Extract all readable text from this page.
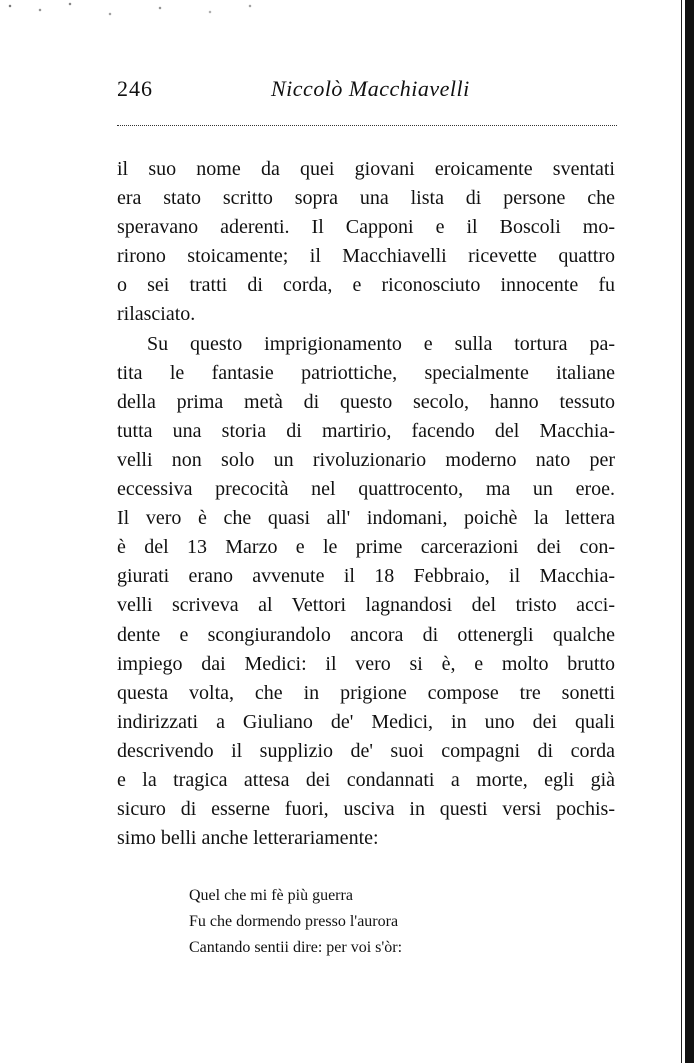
246	Niccolò Macchiavelli
il suo nome da quei giovani eroicamente sventati
era stato scritto sopra una lista di persone che
speravano aderenti. Il Capponi e il Boscoli mo-
rirono stoicamente; il Macchiavelli ricevette quattro
o sei tratti di corda, e riconosciuto innocente fu
rilasciato.
Su questo imprigionamento e sulla tortura pa-
tita le fantasie patriottiche, specialmente italiane
della prima metà di questo secolo, hanno tessuto
tutta una storia di martirio, facendo del Macchia-
velli non solo un rivoluzionario moderno nato per
eccessiva precocità nel quattrocento, ma un eroe.
Il vero è che quasi all' indomani, poichè la lettera
è del 13 Marzo e le prime carcerazioni dei con-
giurati erano avvenute il 18 Febbraio, il Macchia-
velli scriveva al Vettori lagnandosi del tristo acci-
dente e scongiurandolo ancora di ottenergli qualche
impiego dai Medici: il vero si è, e molto brutto
questa volta, che in prigione compose tre sonetti
indirizzati a Giuliano de' Medici, in uno dei quali
descrivendo il supplizio de' suoi compagni di corda
e la tragica attesa dei condannati a morte, egli già
sicuro di esserne fuori, usciva in questi versi pochis-
simo belli anche letterariamente:
Quel che mi fè più guerra
Fu che dormendo presso l'aurora
Cantando sentii dire: per voi s'òr:
